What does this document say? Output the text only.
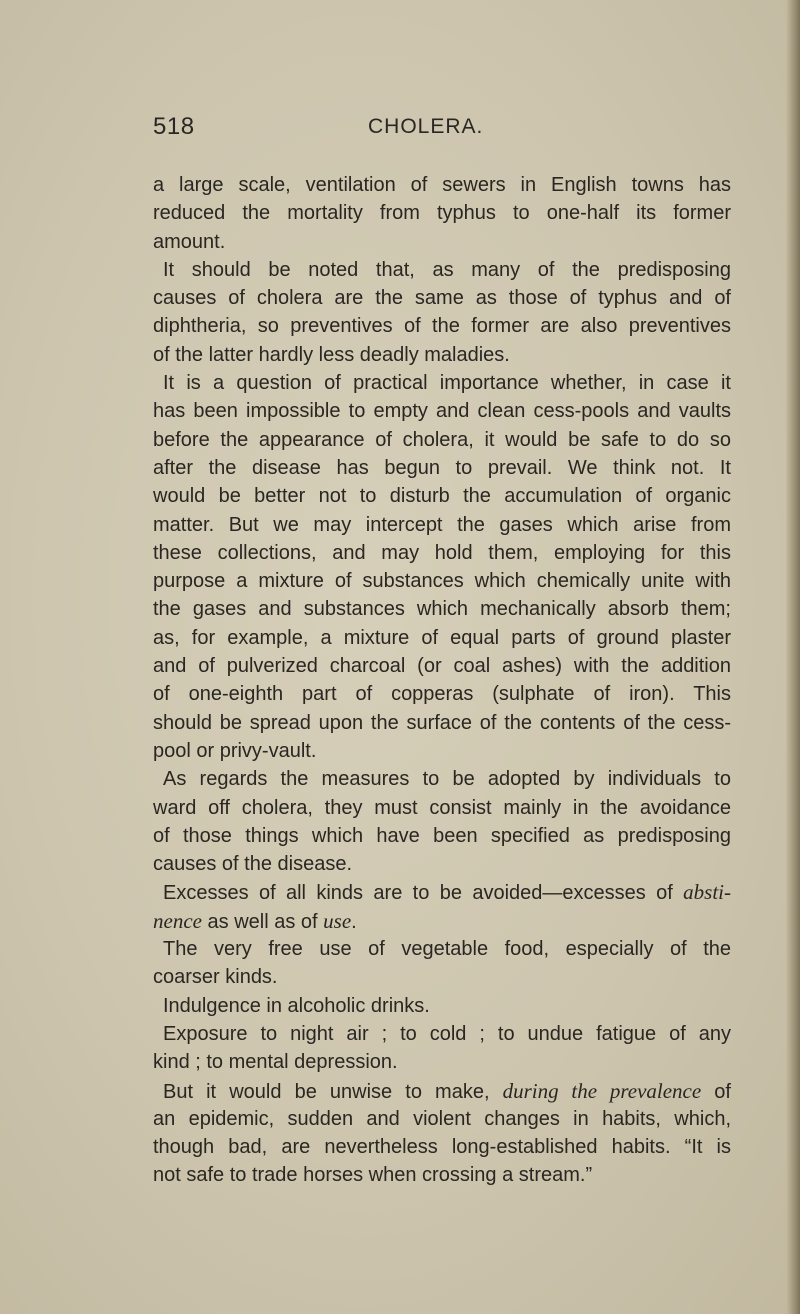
518	CHOLERA.
a large scale, ventilation of sewers in English towns has
reduced the mortality from typhus to one-half its former
amount.
It should be noted that, as many of the predisposing
causes of cholera are the same as those of typhus and of
diphtheria, so preventives of the former are also preventives
of the latter hardly less deadly maladies.
It is a question of practical importance whether, in case it
has been impossible to empty and clean cess-pools and vaults
before the appearance of cholera, it would be safe to do so
after the disease has begun to prevail. We think not. It
would be better not to disturb the accumulation of organic
matter. But we may intercept the gases which arise from
these collections, and may hold them, employing for this
purpose a mixture of substances which chemically unite with
the gases and substances which mechanically absorb them;
as, for example, a mixture of equal parts of ground plaster
and of pulverized charcoal (or coal ashes) with the addition
of one-eighth part of copperas (sulphate of iron). This
should be spread upon the surface of the contents of the cess-
pool or privy-vault.
As regards the measures to be adopted by individuals to
ward off cholera, they must consist mainly in the avoidance
of those things which have been specified as predisposing
causes of the disease.
Excesses of all kinds are to be avoided—excesses of absti-
nence as well as of use.
The very free use of vegetable food, especially of the
coarser kinds.
Indulgence in alcoholic drinks.
Exposure to night air ; to cold ; to undue fatigue of any
kind ; to mental depression.
But it would be unwise to make, during the prevalence of
an epidemic, sudden and violent changes in habits, which,
though bad, are nevertheless long-established habits. “It is
not safe to trade horses when crossing a stream.”
